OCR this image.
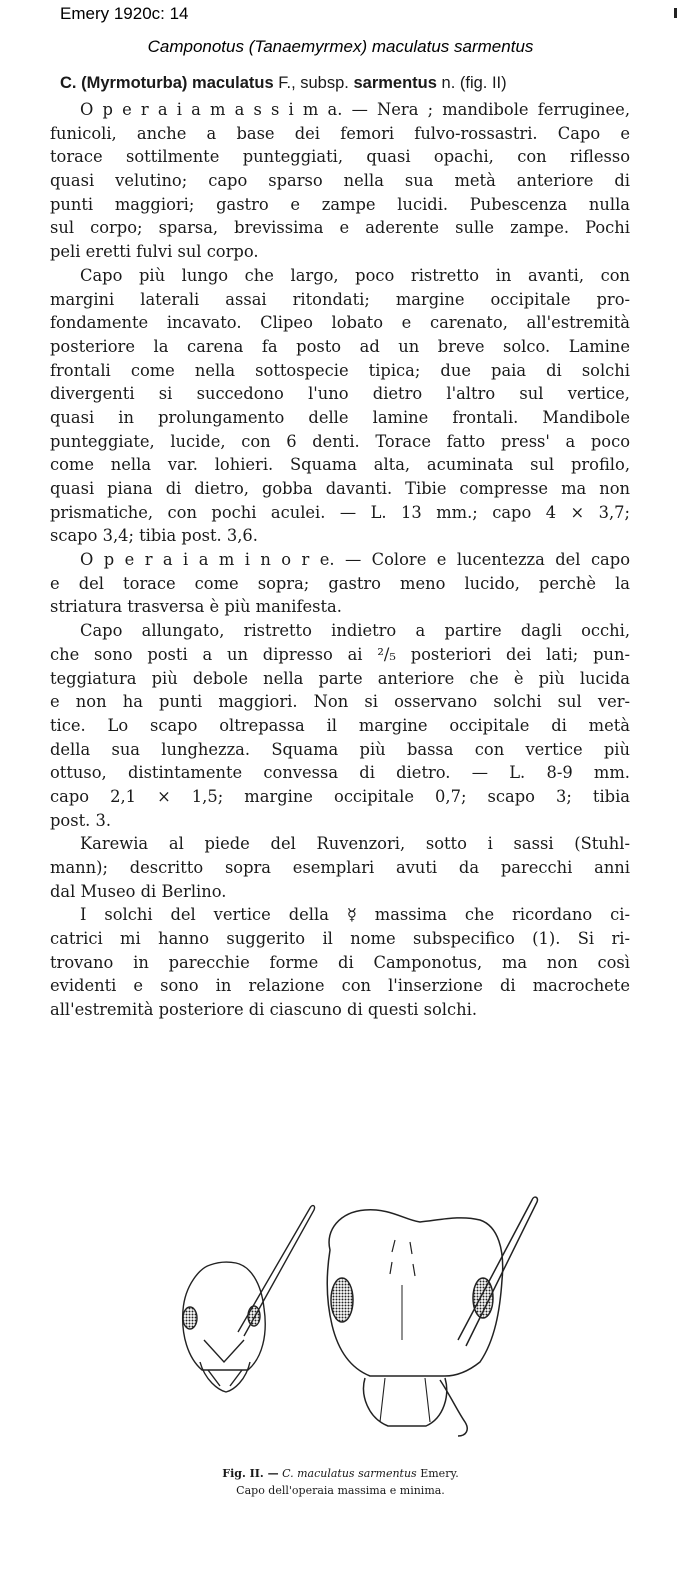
Emery 1920c: 14
Camponotus (Tanaemyrmex) maculatus sarmentus
C. (Myrmoturba) maculatus F., subsp. sarmentus n. (fig. II)
O p e r a i a m a s s i m a. — Nera ; mandibole ferruginee,
funicoli, anche a base dei femori fulvo-rossastri. Capo e
torace sottilmente punteggiati, quasi opachi, con riflesso
quasi velutino; capo sparso nella sua metà anteriore di
punti maggiori; gastro e zampe lucidi. Pubescenza nulla
sul corpo; sparsa, brevissima e aderente sulle zampe. Pochi
peli eretti fulvi sul corpo.
Capo più lungo che largo, poco ristretto in avanti, con
margini laterali assai ritondati; margine occipitale pro-
fondamente incavato. Clipeo lobato e carenato, all'estremità
posteriore la carena fa posto ad un breve solco. Lamine
frontali come nella sottospecie tipica; due paia di solchi
divergenti si succedono l'uno dietro l'altro sul vertice,
quasi in prolungamento delle lamine frontali. Mandibole
punteggiate, lucide, con 6 denti. Torace fatto press' a poco
come nella var. lohieri. Squama alta, acuminata sul profilo,
quasi piana di dietro, gobba davanti. Tibie compresse ma non
prismatiche, con pochi aculei. — L. 13 mm.; capo 4 × 3,7;
scapo 3,4; tibia post. 3,6.
O p e r a i a m i n o r e. — Colore e lucentezza del capo
e del torace come sopra; gastro meno lucido, perchè la
striatura trasversa è più manifesta.
Capo allungato, ristretto indietro a partire dagli occhi,
che sono posti a un dipresso ai ²/₅ posteriori dei lati; pun-
teggiatura più debole nella parte anteriore che è più lucida
e non ha punti maggiori. Non si osservano solchi sul ver-
tice. Lo scapo oltrepassa il margine occipitale di metà
della sua lunghezza. Squama più bassa con vertice più
ottuso, distintamente convessa di dietro. — L. 8-9 mm.
capo 2,1 × 1,5; margine occipitale 0,7; scapo 3; tibia
post. 3.
Karewia al piede del Ruvenzori, sotto i sassi (Stuhl-
mann); descritto sopra esemplari avuti da parecchi anni
dal Museo di Berlino.
I solchi del vertice della ☿ massima che ricordano ci-
catrici mi hanno suggerito il nome subspecifico (1). Si ri-
trovano in parecchie forme di Camponotus, ma non così
evidenti e sono in relazione con l'inserzione di macrochete
all'estremità posteriore di ciascuno di questi solchi.
Fig. II. — C. maculatus sarmentus Emery.
Capo dell'operaia massima e minima.
